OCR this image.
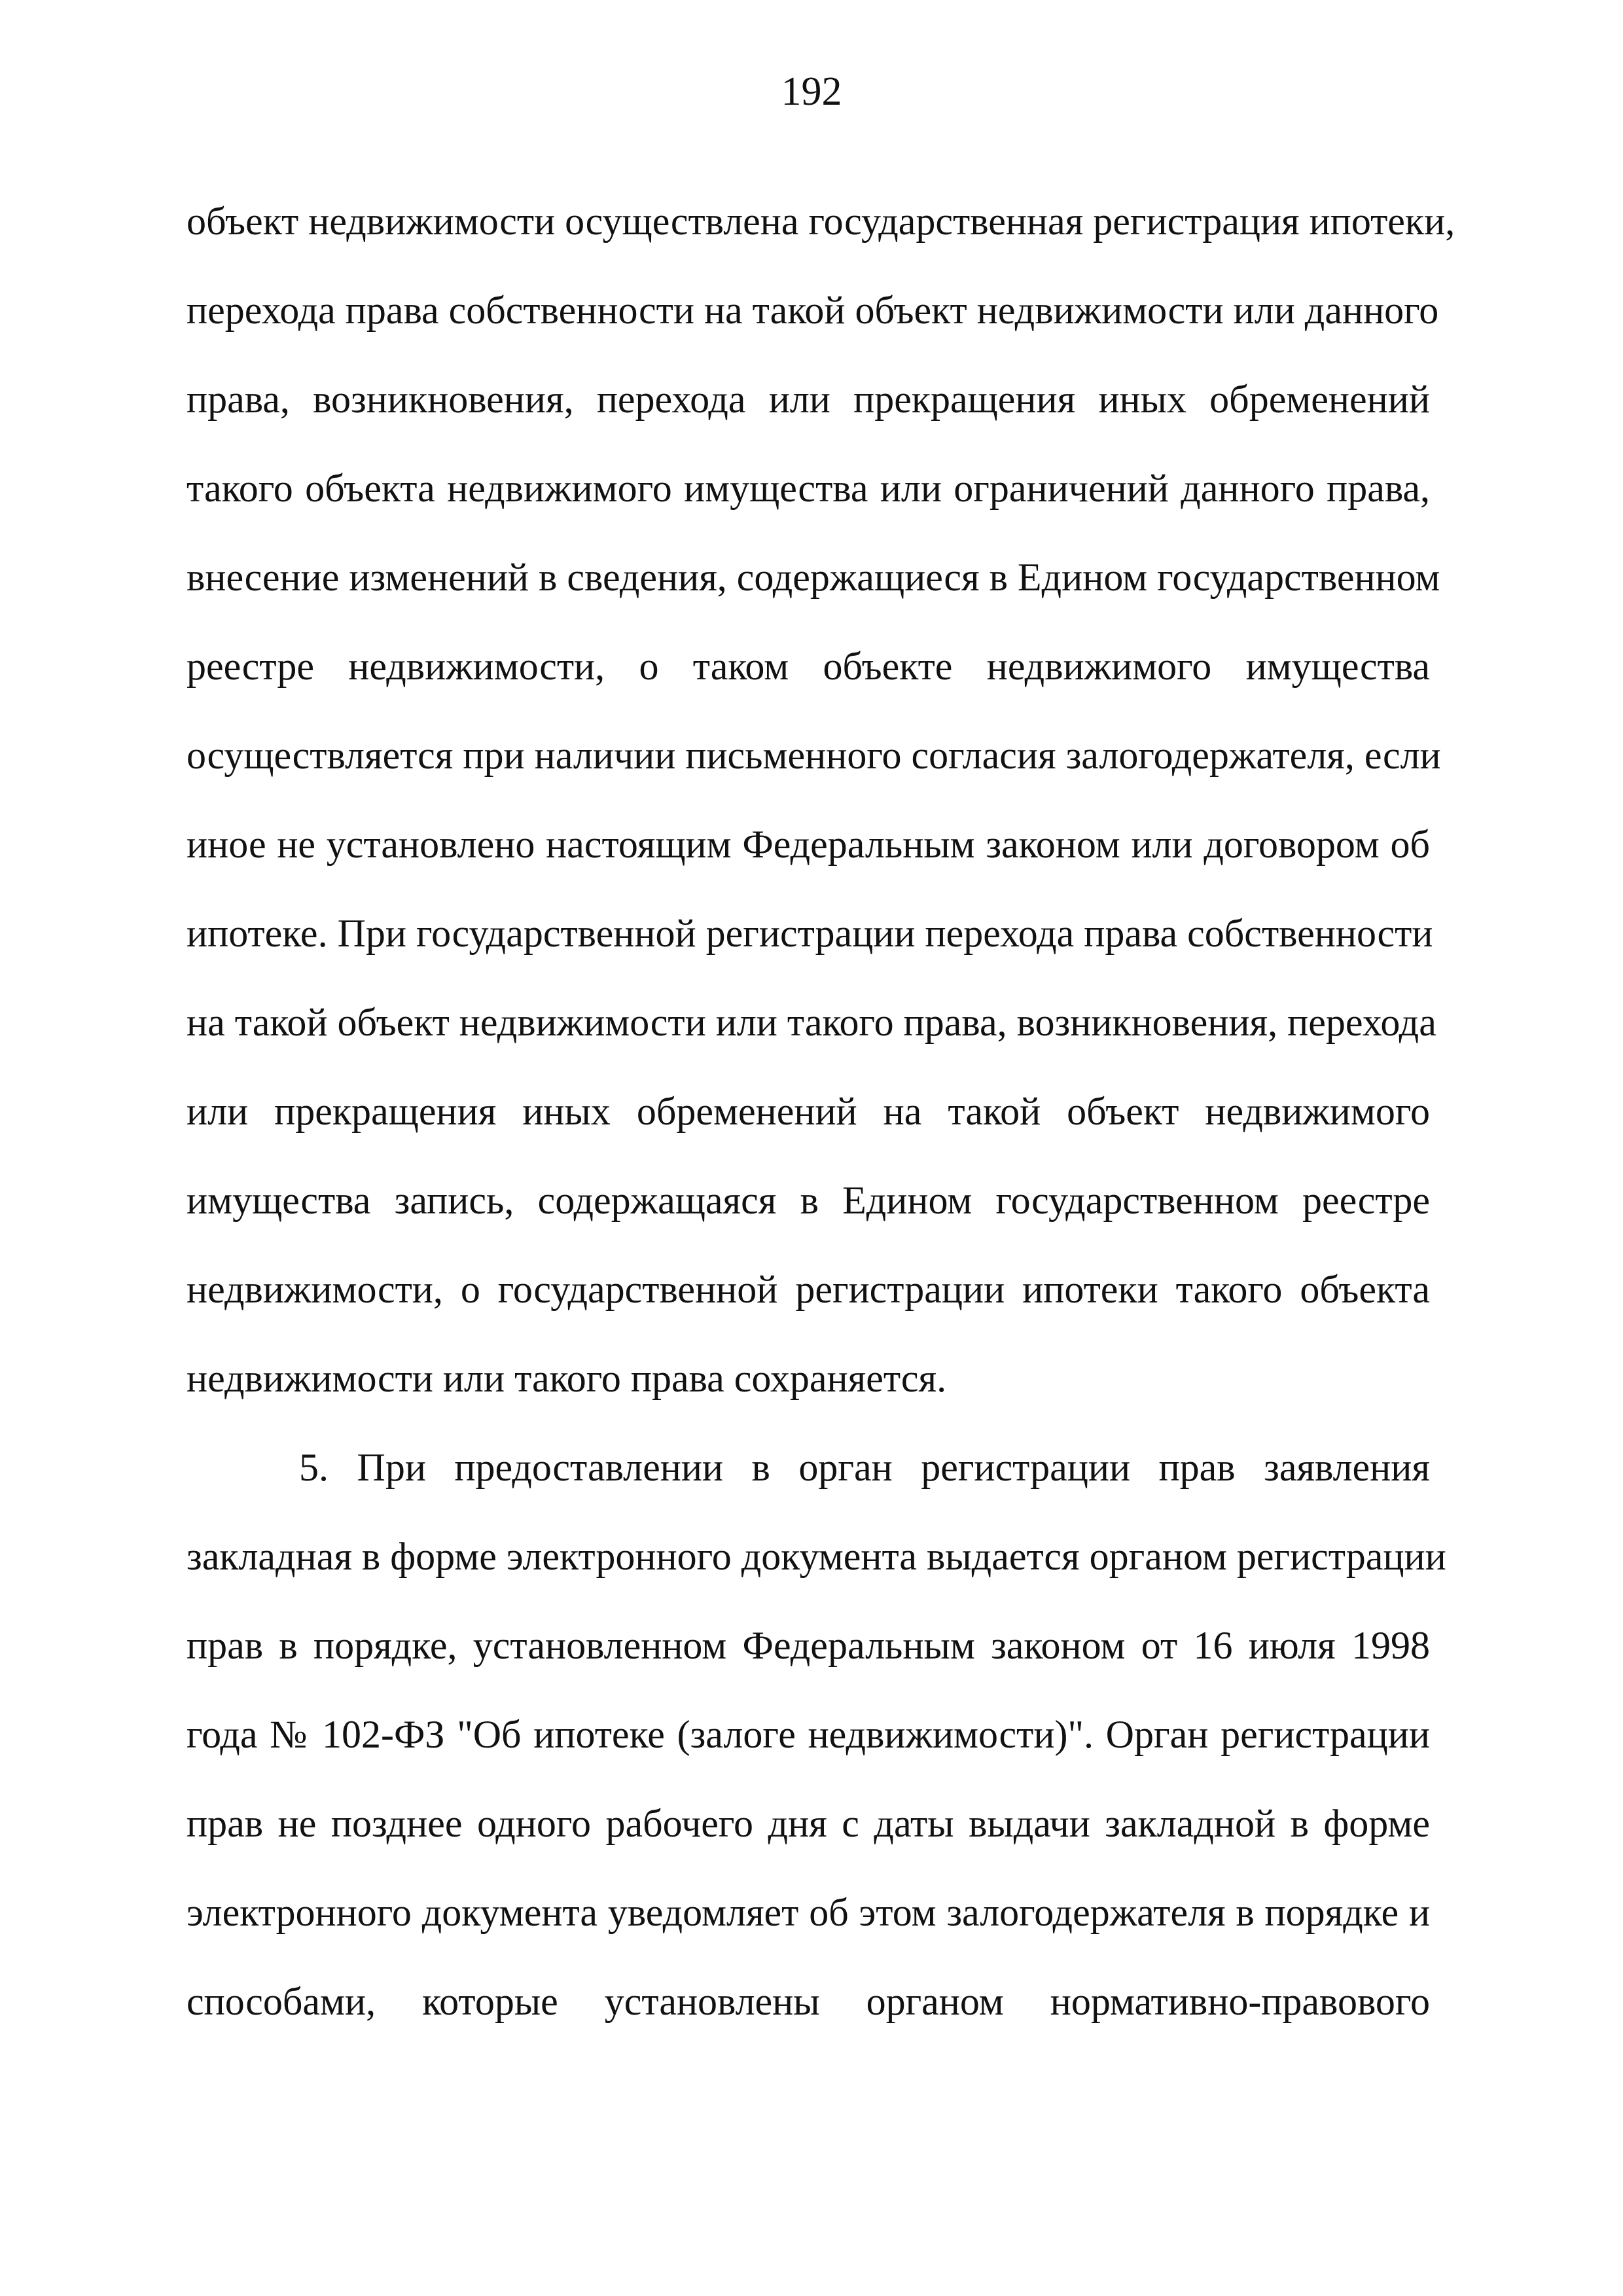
192

объект недвижимости осуществлена государственная регистрация ипотеки,
перехода права собственности на такой объект недвижимости или данного
права, возникновения, перехода или прекращения иных обременений
такого объекта недвижимого имущества или ограничений данного права,
внесение изменений в сведения, содержащиеся в Едином государственном
реестре недвижимости, о таком объекте недвижимого имущества
осуществляется при наличии письменного согласия залогодержателя, если
иное не установлено настоящим Федеральным законом или договором об
ипотеке. При государственной регистрации перехода права собственности
на такой объект недвижимости или такого права, возникновения, перехода
или прекращения иных обременений на такой объект недвижимого
имущества запись, содержащаяся в Едином государственном реестре
недвижимости, о государственной регистрации ипотеки такого объекта
недвижимости или такого права сохраняется.
5. При предоставлении в орган регистрации прав заявления
закладная в форме электронного документа выдается органом регистрации
прав в порядке, установленном Федеральным законом от 16 июля 1998
года № 102-ФЗ "Об ипотеке (залоге недвижимости)". Орган регистрации
прав не позднее одного рабочего дня с даты выдачи закладной в форме
электронного документа уведомляет об этом залогодержателя в порядке и
способами, которые установлены органом нормативно-правового
